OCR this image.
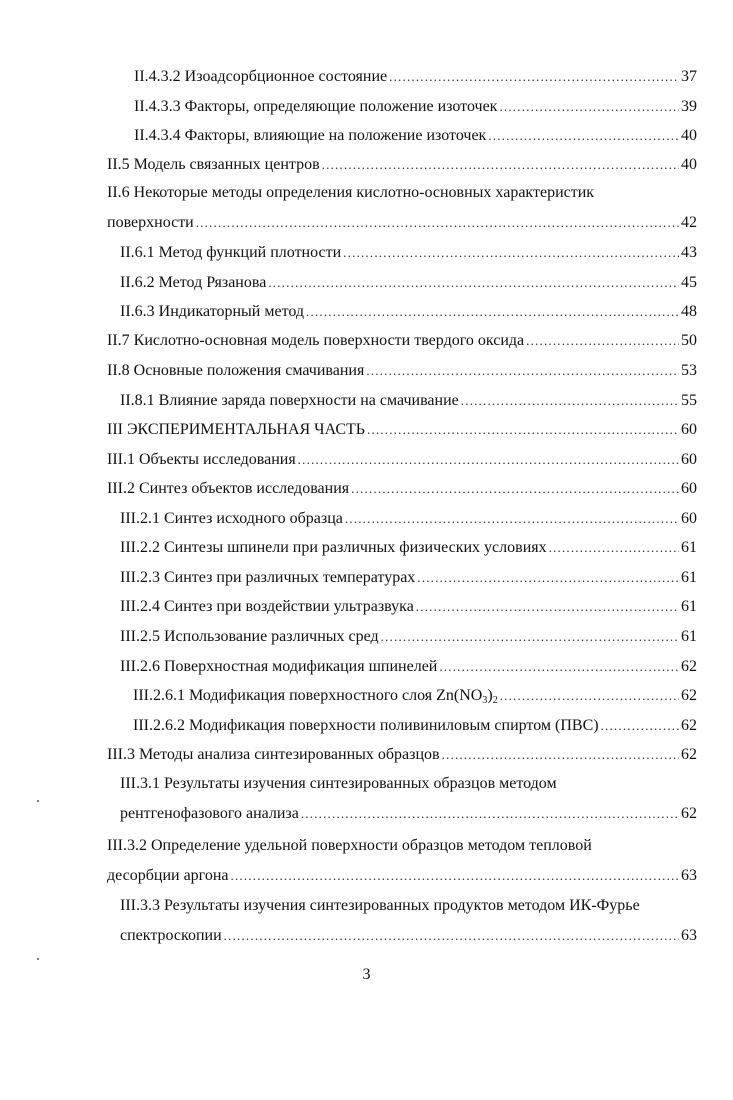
II.4.3.2 Изоадсорбционное состояние .....	37
II.4.3.3 Факторы, определяющие положение изоточек .....	39
II.4.3.4 Факторы, влияющие на положение изоточек .....	40
II.5 Модель связанных центров .....	40
II.6 Некоторые методы определения кислотно-основных характеристик
поверхности .....	42
II.6.1 Метод функций плотности .....	43
II.6.2 Метод Рязанова .....	45
II.6.3 Индикаторный метод .....	48
II.7 Кислотно-основная модель поверхности твердого оксида .....	50
II.8 Основные положения смачивания .....	53
II.8.1 Влияние заряда поверхности на смачивание .....	55
III ЭКСПЕРИМЕНТАЛЬНАЯ ЧАСТЬ .....	60
III.1 Объекты исследования .....	60
III.2 Синтез объектов исследования .....	60
III.2.1 Синтез исходного образца .....	60
III.2.2 Синтезы шпинели при различных физических условиях .....	61
III.2.3 Синтез при различных температурах .....	61
III.2.4 Синтез при воздействии ультразвука .....	61
III.2.5 Использование различных сред .....	61
III.2.6 Поверхностная модификация шпинелей .....	62
III.2.6.1 Модификация поверхностного слоя $Zn(NO_3)_2$ .....	62
III.2.6.2 Модификация поверхности поливиниловым спиртом (ПВС) .....	62
III.3 Методы анализа синтезированных образцов .....	62
III.3.1 Результаты изучения синтезированных образцов методом
рентгенофазового анализа .....	62
III.3.2 Определение удельной поверхности образцов методом тепловой
десорбции аргона .....	63
III.3.3 Результаты изучения синтезированных продуктов методом ИК-Фурье
спектроскопии .....	63
3
